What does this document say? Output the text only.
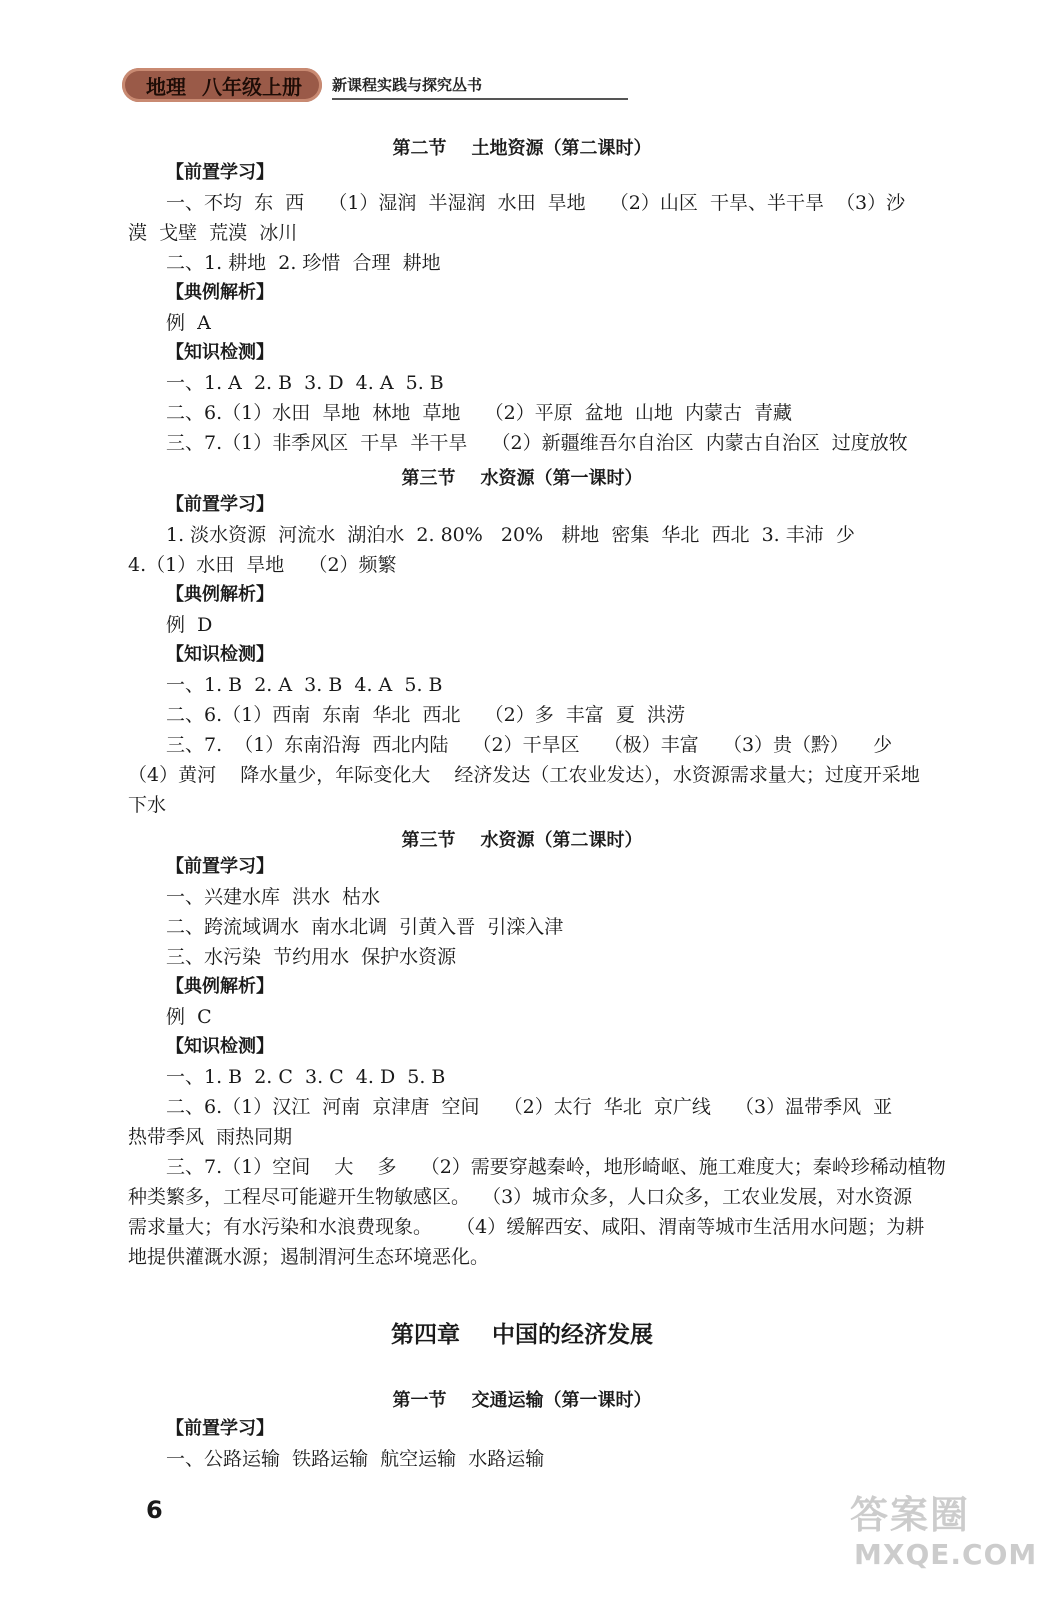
地理 八年级上册 新课程实践与探究丛书
第二节    土地资源（第二课时）
【前置学习】
一、不均  东  西    （1）湿润  半湿润  水田  旱地    （2）山区  干旱、半干旱  （3）沙
漠  戈壁  荒漠  冰川
二、1. 耕地  2. 珍惜  合理  耕地
【典例解析】
例  A
【知识检测】
一、1. A  2. B  3. D  4. A  5. B
二、6.（1）水田  旱地  林地  草地    （2）平原  盆地  山地  内蒙古  青藏
三、7.（1）非季风区  干旱  半干旱    （2）新疆维吾尔自治区  内蒙古自治区  过度放牧
第三节    水资源（第一课时）
【前置学习】
1. 淡水资源  河流水  湖泊水  2. 80%   20%   耕地  密集  华北  西北  3. 丰沛  少
4.（1）水田  旱地    （2）频繁
【典例解析】
例  D
【知识检测】
一、1. B  2. A  3. B  4. A  5. B
二、6.（1）西南  东南  华北  西北    （2）多  丰富  夏  洪涝
三、7.  （1）东南沿海  西北内陆    （2）干旱区    （极）丰富    （3）贵（黔）    少
（4）黄河    降水量少，年际变化大    经济发达（工农业发达），水资源需求量大；过度开采地
下水
第三节    水资源（第二课时）
【前置学习】
一、兴建水库  洪水  枯水
二、跨流域调水  南水北调  引黄入晋  引滦入津
三、水污染  节约用水  保护水资源
【典例解析】
例  C
【知识检测】
一、1. B  2. C  3. C  4. D  5. B
二、6.（1）汉江  河南  京津唐  空间    （2）太行  华北  京广线    （3）温带季风  亚
热带季风  雨热同期
三、7.（1）空间    大    多    （2）需要穿越秦岭，地形崎岖、施工难度大；秦岭珍稀动植物
种类繁多，工程尽可能避开生物敏感区。  （3）城市众多，人口众多，工农业发展，对水资源
需求量大；有水污染和水浪费现象。    （4）缓解西安、咸阳、渭南等城市生活用水问题；为耕
地提供灌溉水源；遏制渭河生态环境恶化。
第四章    中国的经济发展
第一节    交通运输（第一课时）
【前置学习】
一、公路运输  铁路运输  航空运输  水路运输
6	答案圈
MXQE.COM
